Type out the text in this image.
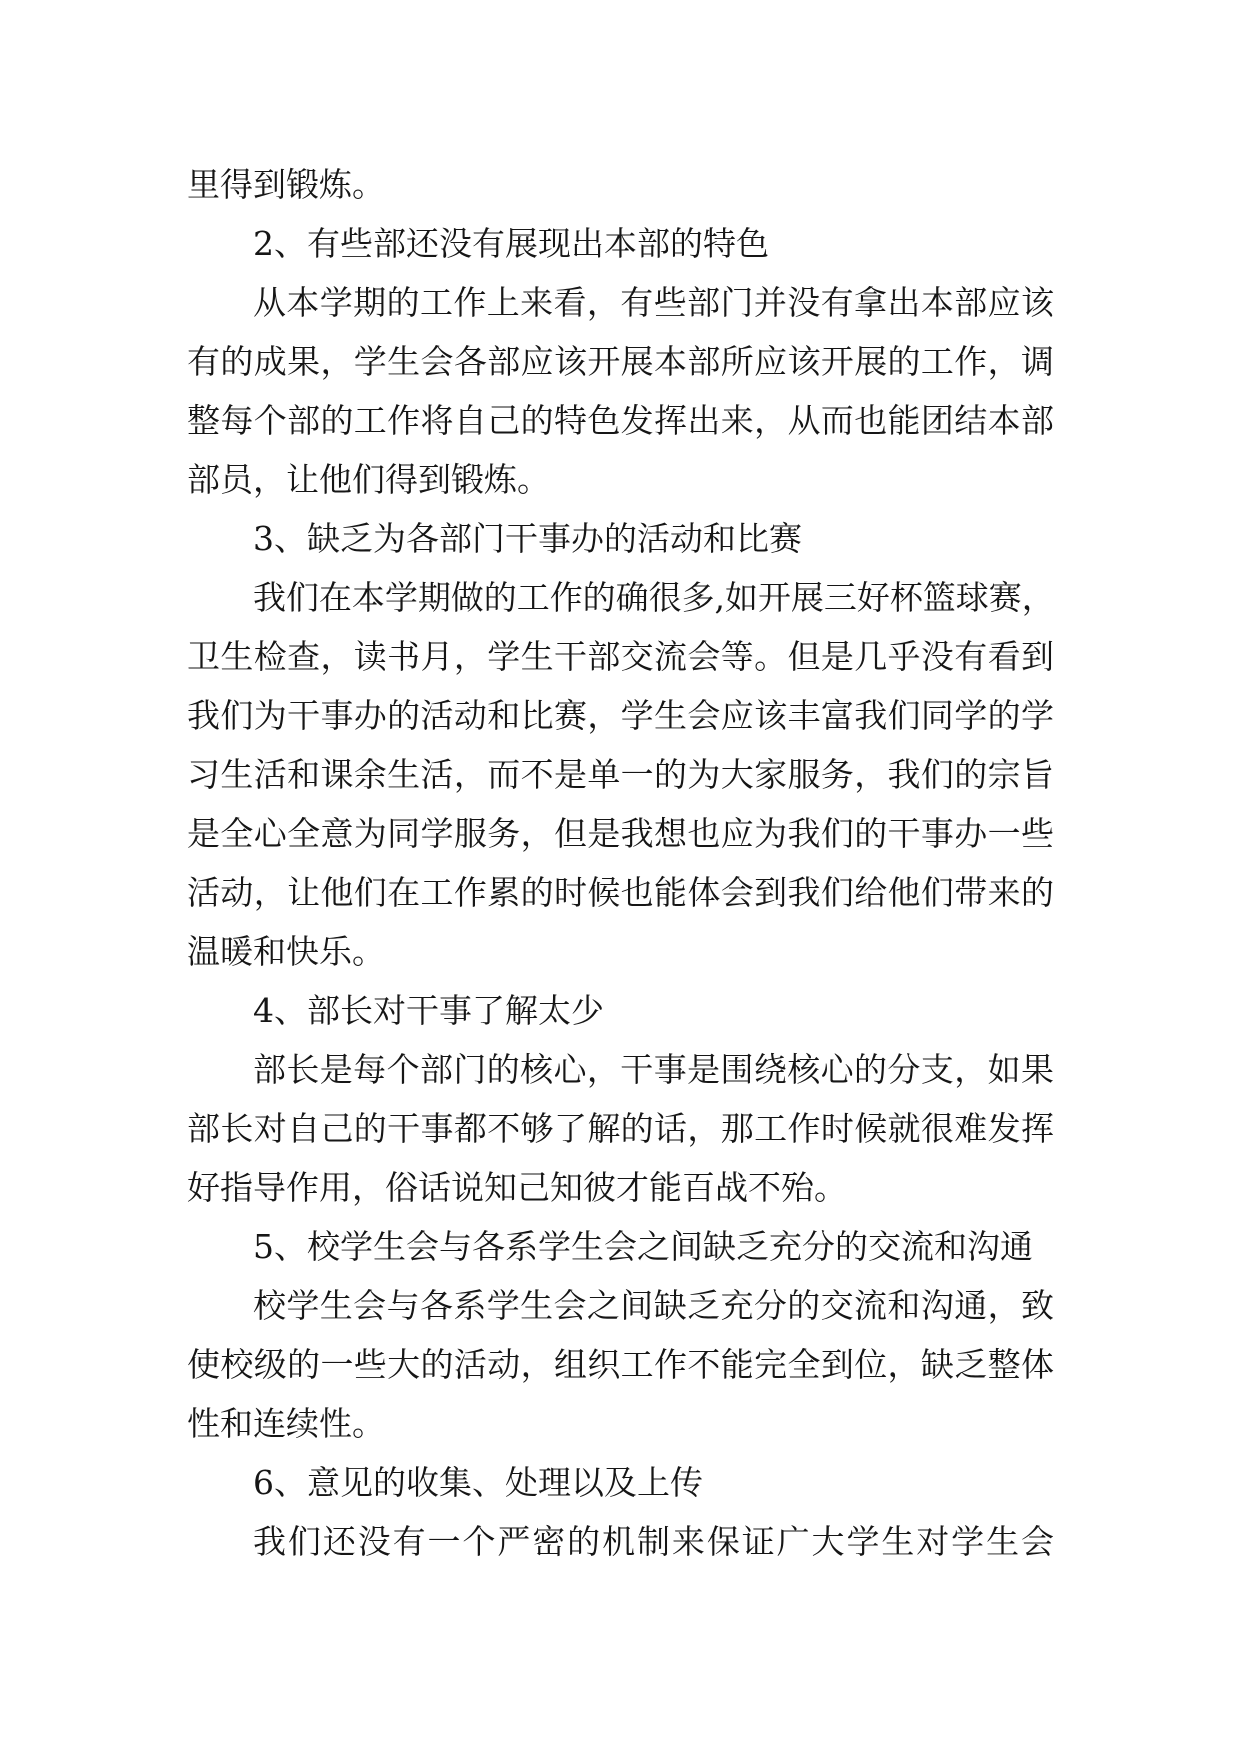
里得到锻炼。
2、有些部还没有展现出本部的特色
从本学期的工作上来看，有些部门并没有拿出本部应该
有的成果，学生会各部应该开展本部所应该开展的工作，调
整每个部的工作将自己的特色发挥出来，从而也能团结本部
部员，让他们得到锻炼。
3、缺乏为各部门干事办的活动和比赛
我们在本学期做的工作的确很多,如开展三好杯篮球赛，
卫生检查，读书月，学生干部交流会等。但是几乎没有看到
我们为干事办的活动和比赛，学生会应该丰富我们同学的学
习生活和课余生活，而不是单一的为大家服务，我们的宗旨
是全心全意为同学服务，但是我想也应为我们的干事办一些
活动，让他们在工作累的时候也能体会到我们给他们带来的
温暖和快乐。
4、部长对干事了解太少
部长是每个部门的核心，干事是围绕核心的分支，如果
部长对自己的干事都不够了解的话，那工作时候就很难发挥
好指导作用，俗话说知己知彼才能百战不殆。
5、校学生会与各系学生会之间缺乏充分的交流和沟通
校学生会与各系学生会之间缺乏充分的交流和沟通，致
使校级的一些大的活动，组织工作不能完全到位，缺乏整体
性和连续性。
6、意见的收集、处理以及上传
我们还没有一个严密的机制来保证广大学生对学生会
